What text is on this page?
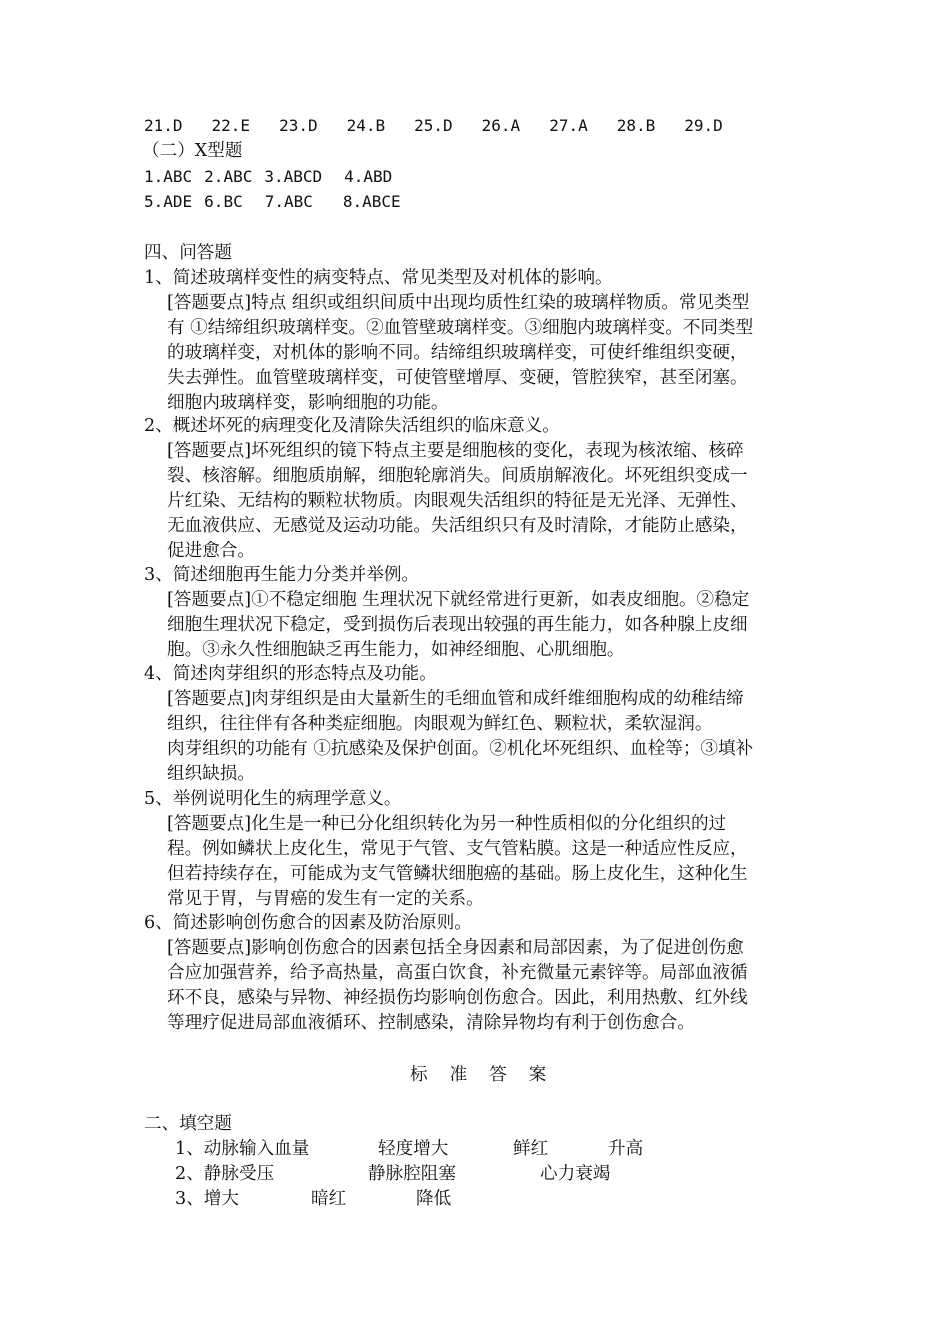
21.D 22.E 23.D 24.B 25.D 26.A 27.A 28.B 29.D
（二）X型题
1.ABC 2.ABC 3.ABCD 4.ABD
5.ADE 6.BC 7.ABC 8.ABCE
四、问答题
1、简述玻璃样变性的病变特点、常见类型及对机体的影响。
[答题要点]特点 组织或组织间质中出现均质性红染的玻璃样物质。常见类型
有 ①结缔组织玻璃样变。②血管壁玻璃样变。③细胞内玻璃样变。不同类型
的玻璃样变，对机体的影响不同。结缔组织玻璃样变，可使纤维组织变硬，
失去弹性。血管壁玻璃样变，可使管壁增厚、变硬，管腔狭窄，甚至闭塞。
细胞内玻璃样变，影响细胞的功能。
2、概述坏死的病理变化及清除失活组织的临床意义。
[答题要点]坏死组织的镜下特点主要是细胞核的变化，表现为核浓缩、核碎
裂、核溶解。细胞质崩解，细胞轮廓消失。间质崩解液化。坏死组织变成一
片红染、无结构的颗粒状物质。肉眼观失活组织的特征是无光泽、无弹性、
无血液供应、无感觉及运动功能。失活组织只有及时清除，才能防止感染，
促进愈合。
3、简述细胞再生能力分类并举例。
[答题要点]①不稳定细胞 生理状况下就经常进行更新，如表皮细胞。②稳定
细胞生理状况下稳定，受到损伤后表现出较强的再生能力，如各种腺上皮细
胞。③永久性细胞缺乏再生能力，如神经细胞、心肌细胞。
4、简述肉芽组织的形态特点及功能。
[答题要点]肉芽组织是由大量新生的毛细血管和成纤维细胞构成的幼稚结缔
组织，往往伴有各种类症细胞。肉眼观为鲜红色、颗粒状，柔软湿润。
肉芽组织的功能有 ①抗感染及保护创面。②机化坏死组织、血栓等；③填补
组织缺损。
5、举例说明化生的病理学意义。
[答题要点]化生是一种已分化组织转化为另一种性质相似的分化组织的过
程。例如鳞状上皮化生，常见于气管、支气管粘膜。这是一种适应性反应，
但若持续存在，可能成为支气管鳞状细胞癌的基础。肠上皮化生，这种化生
常见于胃，与胃癌的发生有一定的关系。
6、简述影响创伤愈合的因素及防治原则。
[答题要点]影响创伤愈合的因素包括全身因素和局部因素，为了促进创伤愈
合应加强营养，给予高热量，高蛋白饮食，补充微量元素锌等。局部血液循
环不良，感染与异物、神经损伤均影响创伤愈合。因此，利用热敷、红外线
等理疗促进局部血液循环、控制感染，清除异物均有利于创伤愈合。
标准答案
二、填空题
1、动脉输入血量	轻度增大	鲜红	升高
2、静脉受压	静脉腔阻塞	心力衰竭
3、增大	暗红	降低
